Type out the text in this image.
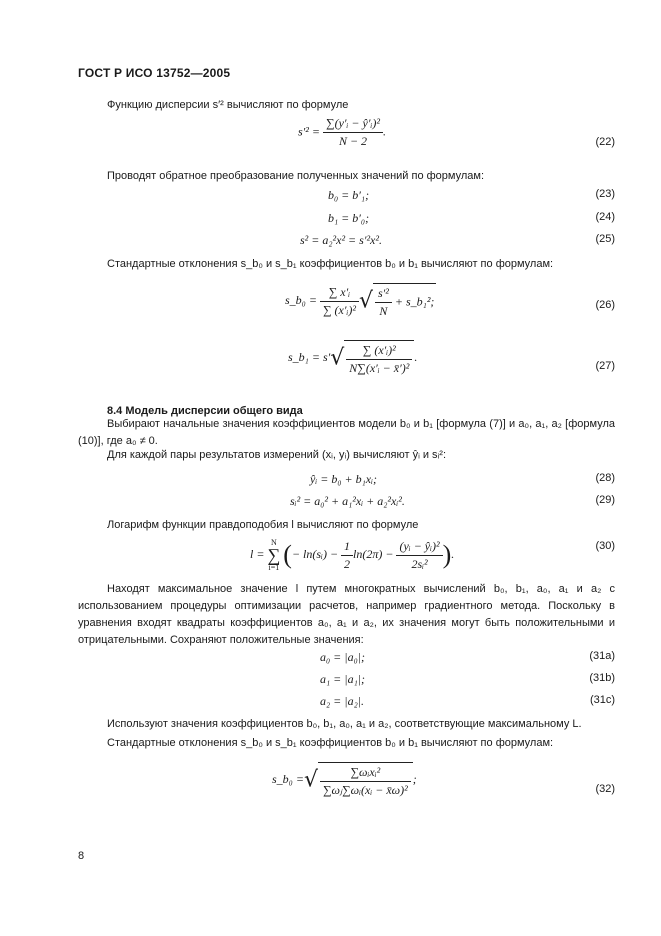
ГОСТ Р ИСО 13752—2005
Функцию дисперсии s′² вычисляют по формуле
$s'^2 = \frac{\text{∑(y′ᵢ − ŷ′ᵢ)²}}{N - 2}$ .
(22)
Проводят обратное преобразование полученных значений по формулам:
b₀ = b′₁;	(23)
b₁ = b′₀;	(24)
s² = a₂²x² = s′²x².	(25)
Стандартные отклонения s_b₀ и s_b₁ коэффициентов b₀ и b₁ вычисляют по формулам:
s_b₀ = $\frac{\text{∑ x′ᵢ}}{\text{∑ (x′ᵢ)²}}$ √ $\frac{\text{s′²}}{N}$ + s_b₁²;	(26)
s_b₁ = $s'√ \frac{\text{∑ (x′ᵢ)²}}{\text{N∑(x′ᵢ − x̄′)²}}$ .
(27)
8.4 Модель дисперсии общего вида
Выбирают начальные значения коэффициентов модели b₀ и b₁ [формула (7)] и a₀, a₁, a₂ [формула (10)], где a₀ ≠ 0.
Для каждой пары результатов измерений (xᵢ, yᵢ) вычисляют ŷᵢ и sᵢ²:
ŷᵢ = b₀ + b₁xᵢ;	(28)
sᵢ² = a₀² + a₁²xᵢ + a₂²xᵢ².	(29)
Логарифм функции правдоподобия l вычисляют по формуле
l =
N
∑
i=1 (− ln(sᵢ) − $\frac{1}{2} \ln(2\pi) - \frac{\text{(yᵢ − ŷᵢ)²}}{\text{2sᵢ²}}$ ).
(30)
Находят максимальное значение l путем многократных вычислений b₀, b₁, a₀, a₁ и a₂ с использованием процедуры оптимизации расчетов, например градиентного метода. Поскольку в уравнения входят квадраты коэффициентов a₀, a₁ и a₂, их значения могут быть положительными и отрицательными. Сохраняют положительные значения:
a₀ = |a₀|;	(31a)
a₁ = |a₁|;	(31b)
a₂ = |a₂|.	(31c)
Используют значения коэффициентов b₀, b₁, a₀, a₁ и a₂, соответствующие максимальному L.
Стандартные отклонения s_b₀ и s_b₁ коэффициентов b₀ и b₁ вычисляют по формулам:
s_b₀ =√ $\frac{\text{∑ωᵢxᵢ²}}{\text{∑ωⱼ∑ωᵢ(xᵢ − x̄ω)²}}$ ;
(32)
8
